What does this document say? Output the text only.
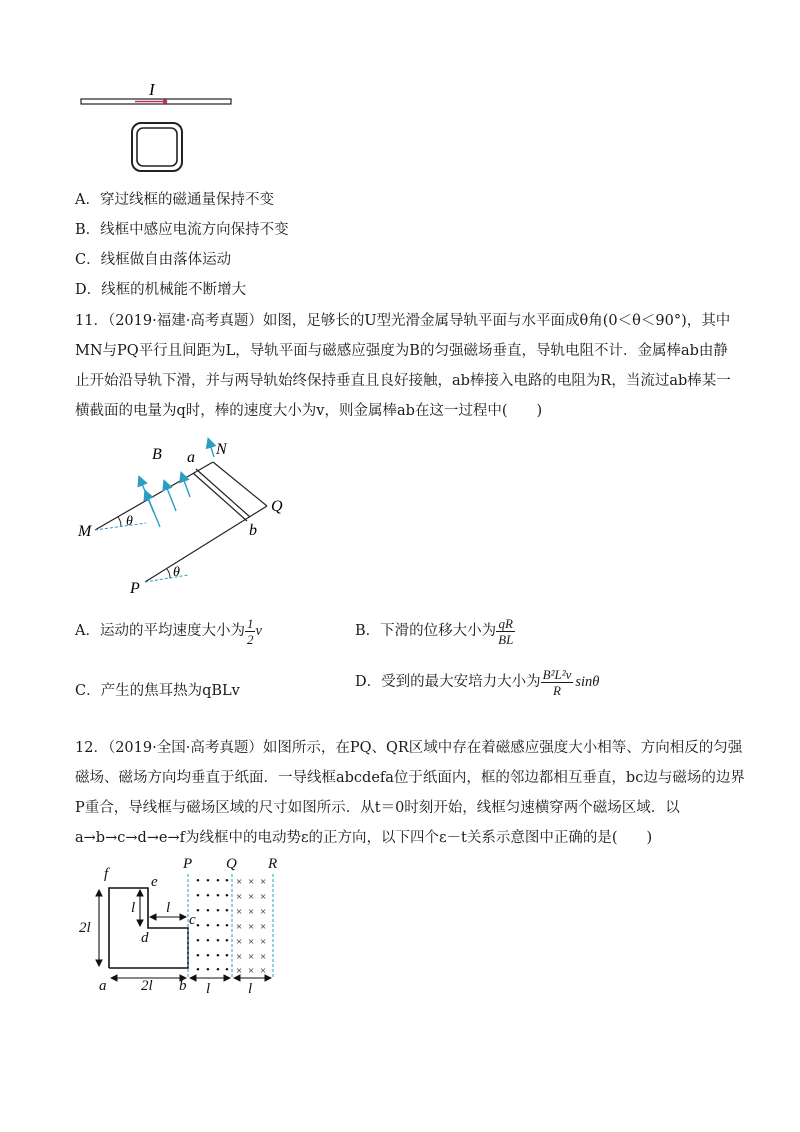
I
A．穿过线框的磁通量保持不变
B．线框中感应电流方向保持不变
C．线框做自由落体运动
D．线框的机械能不断增大
11．（2019·福建·高考真题）如图，足够长的U型光滑金属导轨平面与水平面成θ角(0＜θ＜90°)，其中
MN与PQ平行且间距为L，导轨平面与磁感应强度为B的匀强磁场垂直，导轨电阻不计．金属棒ab由静
止开始沿导轨下滑，并与两导轨始终保持垂直且良好接触，ab棒接入电路的电阻为R，当流过ab棒某一
横截面的电量为q时，棒的速度大小为v，则金属棒ab在这一过程中(　　)
B a N
Q
b
M
P
θ
θ
A．运动的平均速度大小为 $\frac{1}{2}$ v	B．下滑的位移大小为 $\frac{qR}{BL}$
C．产生的焦耳热为qBLv
D．受到的最大安培力大小为 $\frac{\text{B²L²v}}{R}$ sinθ
12．（2019·全国·高考真题）如图所示，在PQ、QR区域中存在着磁感应强度大小相等、方向相反的匀强
磁场、磁场方向均垂直于纸面．一导线框abcdefa位于纸面内，框的邻边都相互垂直，bc边与磁场的边界
P重合，导线框与磁场区域的尺寸如图所示．从t＝0时刻开始，线框匀速横穿两个磁场区域．以
a→b→c→d→e→f为线框中的电动势ε的正方向，以下四个ε－t关系示意图中正确的是(　　)
• • • •
• • • •
• • • •
• • • •
• • • •
• • • •
• • • •
× × ×
× × ×
× × ×
× × ×
× × ×
× × ×
× × ×
f	e
l l
c
d
2l
a 2l b l	l
P Q R
